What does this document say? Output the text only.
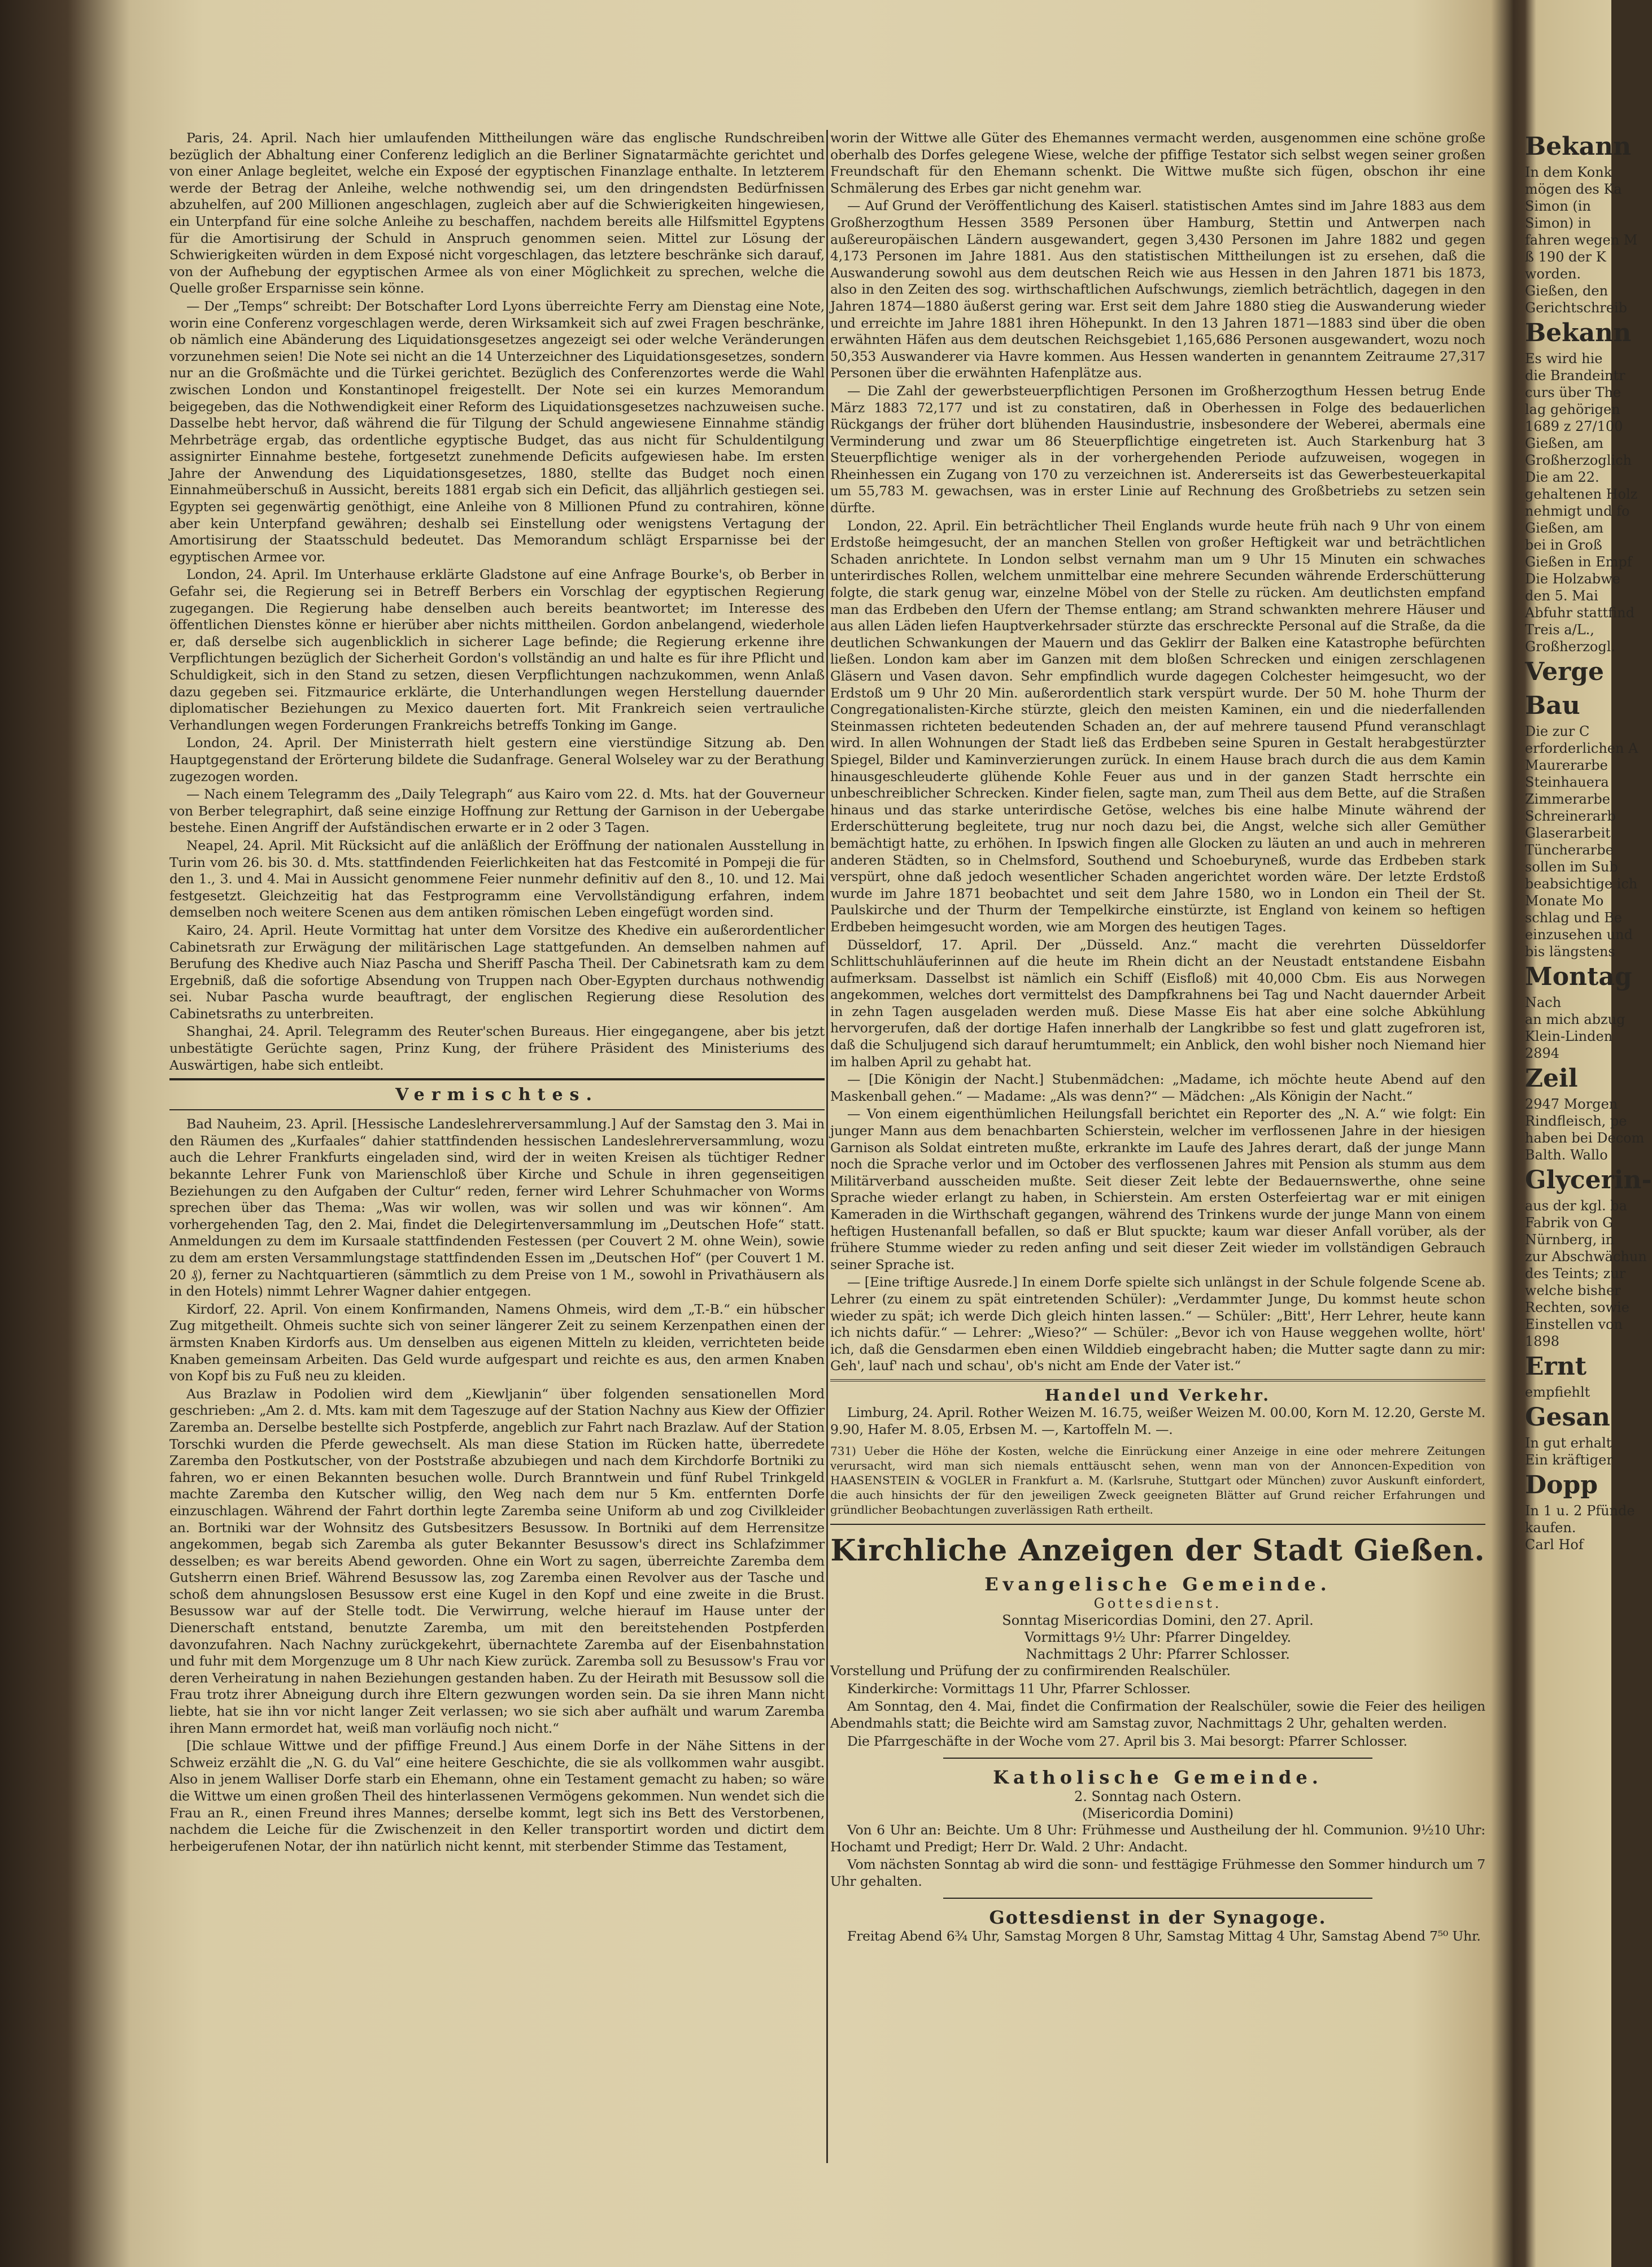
Paris, 24. April. Nach hier umlaufenden Mittheilungen wäre das englische Rundschreiben bezüglich der Abhaltung einer Conferenz lediglich an die Berliner Signatarmächte gerichtet und von einer Anlage begleitet, welche ein Exposé der egyptischen Finanzlage enthalte. In letzterem werde der Betrag der Anleihe, welche nothwendig sei, um den dringendsten Bedürfnissen abzuhelfen, auf 200 Millionen angeschlagen, zugleich aber auf die Schwierigkeiten hingewiesen, ein Unterpfand für eine solche Anleihe zu beschaffen, nachdem bereits alle Hilfsmittel Egyptens für die Amortisirung der Schuld in Anspruch genommen seien. Mittel zur Lösung der Schwierigkeiten würden in dem Exposé nicht vorgeschlagen, das letztere beschränke sich darauf, von der Aufhebung der egyptischen Armee als von einer Möglichkeit zu sprechen, welche die Quelle großer Ersparnisse sein könne.

— Der „Temps“ schreibt: Der Botschafter Lord Lyons überreichte Ferry am Dienstag eine Note, worin eine Conferenz vorgeschlagen werde, deren Wirksamkeit sich auf zwei Fragen beschränke, ob nämlich eine Abänderung des Liquidationsgesetzes angezeigt sei oder welche Veränderungen vorzunehmen seien! Die Note sei nicht an die 14 Unterzeichner des Liquidationsgesetzes, sondern nur an die Großmächte und die Türkei gerichtet. Bezüglich des Conferenzortes werde die Wahl zwischen London und Konstantinopel freigestellt. Der Note sei ein kurzes Memorandum beigegeben, das die Nothwendigkeit einer Reform des Liquidationsgesetzes nachzuweisen suche. Dasselbe hebt hervor, daß während die für Tilgung der Schuld angewiesene Einnahme ständig Mehrbeträge ergab, das ordentliche egyptische Budget, das aus nicht für Schuldentilgung assignirter Einnahme bestehe, fortgesetzt zunehmende Deficits aufgewiesen habe. Im ersten Jahre der Anwendung des Liquidationsgesetzes, 1880, stellte das Budget noch einen Einnahmeüberschuß in Aussicht, bereits 1881 ergab sich ein Deficit, das alljährlich gestiegen sei. Egypten sei gegenwärtig genöthigt, eine Anleihe von 8 Millionen Pfund zu contrahiren, könne aber kein Unterpfand gewähren; deshalb sei Einstellung oder wenigstens Vertagung der Amortisirung der Staatsschuld bedeutet. Das Memorandum schlägt Ersparnisse bei der egyptischen Armee vor.

London, 24. April. Im Unterhause erklärte Gladstone auf eine Anfrage Bourke's, ob Berber in Gefahr sei, die Regierung sei in Betreff Berbers ein Vorschlag der egyptischen Regierung zugegangen. Die Regierung habe denselben auch bereits beantwortet; im Interesse des öffentlichen Dienstes könne er hierüber aber nichts mittheilen. Gordon anbelangend, wiederhole er, daß derselbe sich augenblicklich in sicherer Lage befinde; die Regierung erkenne ihre Verpflichtungen bezüglich der Sicherheit Gordon's vollständig an und halte es für ihre Pflicht und Schuldigkeit, sich in den Stand zu setzen, diesen Verpflichtungen nachzukommen, wenn Anlaß dazu gegeben sei. Fitzmaurice erklärte, die Unterhandlungen wegen Herstellung dauernder diplomatischer Beziehungen zu Mexico dauerten fort. Mit Frankreich seien vertrauliche Verhandlungen wegen Forderungen Frankreichs betreffs Tonking im Gange.

London, 24. April. Der Ministerrath hielt gestern eine vierstündige Sitzung ab. Den Hauptgegenstand der Erörterung bildete die Sudanfrage. General Wolseley war zu der Berathung zugezogen worden.

— Nach einem Telegramm des „Daily Telegraph“ aus Kairo vom 22. d. Mts. hat der Gouverneur von Berber telegraphirt, daß seine einzige Hoffnung zur Rettung der Garnison in der Uebergabe bestehe. Einen Angriff der Aufständischen erwarte er in 2 oder 3 Tagen.

Neapel, 24. April. Mit Rücksicht auf die anläßlich der Eröffnung der nationalen Ausstellung in Turin vom 26. bis 30. d. Mts. stattfindenden Feierlichkeiten hat das Festcomité in Pompeji die für den 1., 3. und 4. Mai in Aussicht genommene Feier nunmehr definitiv auf den 8., 10. und 12. Mai festgesetzt. Gleichzeitig hat das Festprogramm eine Vervollständigung erfahren, indem demselben noch weitere Scenen aus dem antiken römischen Leben eingefügt worden sind.

Kairo, 24. April. Heute Vormittag hat unter dem Vorsitze des Khedive ein außerordentlicher Cabinetsrath zur Erwägung der militärischen Lage stattgefunden. An demselben nahmen auf Berufung des Khedive auch Niaz Pascha und Sheriff Pascha Theil. Der Cabinetsrath kam zu dem Ergebniß, daß die sofortige Absendung von Truppen nach Ober-Egypten durchaus nothwendig sei. Nubar Pascha wurde beauftragt, der englischen Regierung diese Resolution des Cabinetsraths zu unterbreiten.

Shanghai, 24. April. Telegramm des Reuter'schen Bureaus. Hier eingegangene, aber bis jetzt unbestätigte Gerüchte sagen, Prinz Kung, der frühere Präsident des Ministeriums des Auswärtigen, habe sich entleibt.

Vermischtes.

Bad Nauheim, 23. April. [Hessische Landeslehrerversammlung.] Auf der Samstag den 3. Mai in den Räumen des „Kurfaales“ dahier stattfindenden hessischen Landeslehrerversammlung, wozu auch die Lehrer Frankfurts eingeladen sind, wird der in weiten Kreisen als tüchtiger Redner bekannte Lehrer Funk von Marienschloß über Kirche und Schule in ihren gegenseitigen Beziehungen zu den Aufgaben der Cultur“ reden, ferner wird Lehrer Schuhmacher von Worms sprechen über das Thema: „Was wir wollen, was wir sollen und was wir können“. Am vorhergehenden Tag, den 2. Mai, findet die Delegirtenversammlung im „Deutschen Hofe“ statt. Anmeldungen zu dem im Kursaale stattfindenden Festessen (per Couvert 2 M. ohne Wein), sowie zu dem am ersten Versammlungstage stattfindenden Essen im „Deutschen Hof“ (per Couvert 1 M. 20 ₰), ferner zu Nachtquartieren (sämmtlich zu dem Preise von 1 M., sowohl in Privathäusern als in den Hotels) nimmt Lehrer Wagner dahier entgegen.

Kirdorf, 22. April. Von einem Konfirmanden, Namens Ohmeis, wird dem „T.-B.“ ein hübscher Zug mitgetheilt. Ohmeis suchte sich von seiner längerer Zeit zu seinem Kerzenpathen einen der ärmsten Knaben Kirdorfs aus. Um denselben aus eigenen Mitteln zu kleiden, verrichteten beide Knaben gemeinsam Arbeiten. Das Geld wurde aufgespart und reichte es aus, den armen Knaben von Kopf bis zu Fuß neu zu kleiden.

Aus Brazlaw in Podolien wird dem „Kiewljanin“ über folgenden sensationellen Mord geschrieben: „Am 2. d. Mts. kam mit dem Tageszuge auf der Station Nachny aus Kiew der Offizier Zaremba an. Derselbe bestellte sich Postpferde, angeblich zur Fahrt nach Brazlaw. Auf der Station Torschki wurden die Pferde gewechselt. Als man diese Station im Rücken hatte, überredete Zaremba den Postkutscher, von der Poststraße abzubiegen und nach dem Kirchdorfe Bortniki zu fahren, wo er einen Bekannten besuchen wolle. Durch Branntwein und fünf Rubel Trinkgeld machte Zaremba den Kutscher willig, den Weg nach dem nur 5 Km. entfernten Dorfe einzuschlagen. Während der Fahrt dorthin legte Zaremba seine Uniform ab und zog Civilkleider an. Bortniki war der Wohnsitz des Gutsbesitzers Besussow. In Bortniki auf dem Herrensitze angekommen, begab sich Zaremba als guter Bekannter Besussow's direct ins Schlafzimmer desselben; es war bereits Abend geworden. Ohne ein Wort zu sagen, überreichte Zaremba dem Gutsherrn einen Brief. Während Besussow las, zog Zaremba einen Revolver aus der Tasche und schoß dem ahnungslosen Besussow erst eine Kugel in den Kopf und eine zweite in die Brust. Besussow war auf der Stelle todt. Die Verwirrung, welche hierauf im Hause unter der Dienerschaft entstand, benutzte Zaremba, um mit den bereitstehenden Postpferden davonzufahren. Nach Nachny zurückgekehrt, übernachtete Zaremba auf der Eisenbahnstation und fuhr mit dem Morgenzuge um 8 Uhr nach Kiew zurück. Zaremba soll zu Besussow's Frau vor deren Verheiratung in nahen Beziehungen gestanden haben. Zu der Heirath mit Besussow soll die Frau trotz ihrer Abneigung durch ihre Eltern gezwungen worden sein. Da sie ihren Mann nicht liebte, hat sie ihn vor nicht langer Zeit verlassen; wo sie sich aber aufhält und warum Zaremba ihren Mann ermordet hat, weiß man vorläufig noch nicht.“

[Die schlaue Wittwe und der pfiffige Freund.] Aus einem Dorfe in der Nähe Sittens in der Schweiz erzählt die „N. G. du Val“ eine heitere Geschichte, die sie als vollkommen wahr ausgibt. Also in jenem Walliser Dorfe starb ein Ehemann, ohne ein Testament gemacht zu haben; so wäre die Wittwe um einen großen Theil des hinterlassenen Vermögens gekommen. Nun wendet sich die Frau an R., einen Freund ihres Mannes; derselbe kommt, legt sich ins Bett des Verstorbenen, nachdem die Leiche für die Zwischenzeit in den Keller transportirt worden und dictirt dem herbeigerufenen Notar, der ihn natürlich nicht kennt, mit sterbender Stimme das Testament,

worin der Wittwe alle Güter des Ehemannes vermacht werden, ausgenommen eine schöne große oberhalb des Dorfes gelegene Wiese, welche der pfiffige Testator sich selbst wegen seiner großen Freundschaft für den Ehemann schenkt. Die Wittwe mußte sich fügen, obschon ihr eine Schmälerung des Erbes gar nicht genehm war.

— Auf Grund der Veröffentlichung des Kaiserl. statistischen Amtes sind im Jahre 1883 aus dem Großherzogthum Hessen 3589 Personen über Hamburg, Stettin und Antwerpen nach außereuropäischen Ländern ausgewandert, gegen 3,430 Personen im Jahre 1882 und gegen 4,173 Personen im Jahre 1881. Aus den statistischen Mittheilungen ist zu ersehen, daß die Auswanderung sowohl aus dem deutschen Reich wie aus Hessen in den Jahren 1871 bis 1873, also in den Zeiten des sog. wirthschaftlichen Aufschwungs, ziemlich beträchtlich, dagegen in den Jahren 1874—1880 äußerst gering war. Erst seit dem Jahre 1880 stieg die Auswanderung wieder und erreichte im Jahre 1881 ihren Höhepunkt. In den 13 Jahren 1871—1883 sind über die oben erwähnten Häfen aus dem deutschen Reichsgebiet 1,165,686 Personen ausgewandert, wozu noch 50,353 Auswanderer via Havre kommen. Aus Hessen wanderten in genanntem Zeitraume 27,317 Personen über die erwähnten Hafenplätze aus.

— Die Zahl der gewerbsteuerpflichtigen Personen im Großherzogthum Hessen betrug Ende März 1883 72,177 und ist zu constatiren, daß in Oberhessen in Folge des bedauerlichen Rückgangs der früher dort blühenden Hausindustrie, insbesondere der Weberei, abermals eine Verminderung und zwar um 86 Steuerpflichtige eingetreten ist. Auch Starkenburg hat 3 Steuerpflichtige weniger als in der vorhergehenden Periode aufzuweisen, wogegen in Rheinhessen ein Zugang von 170 zu verzeichnen ist. Andererseits ist das Gewerbesteuerkapital um 55,783 M. gewachsen, was in erster Linie auf Rechnung des Großbetriebs zu setzen sein dürfte.

London, 22. April. Ein beträchtlicher Theil Englands wurde heute früh nach 9 Uhr von einem Erdstoße heimgesucht, der an manchen Stellen von großer Heftigkeit war und beträchtlichen Schaden anrichtete. In London selbst vernahm man um 9 Uhr 15 Minuten ein schwaches unterirdisches Rollen, welchem unmittelbar eine mehrere Secunden währende Erderschütterung folgte, die stark genug war, einzelne Möbel von der Stelle zu rücken. Am deutlichsten empfand man das Erdbeben den Ufern der Themse entlang; am Strand schwankten mehrere Häuser und aus allen Läden liefen Hauptverkehrsader stürzte das erschreckte Personal auf die Straße, da die deutlichen Schwankungen der Mauern und das Geklirr der Balken eine Katastrophe befürchten ließen. London kam aber im Ganzen mit dem bloßen Schrecken und einigen zerschlagenen Gläsern und Vasen davon. Sehr empfindlich wurde dagegen Colchester heimgesucht, wo der Erdstoß um 9 Uhr 20 Min. außerordentlich stark verspürt wurde. Der 50 M. hohe Thurm der Congregationalisten-Kirche stürzte, gleich den meisten Kaminen, ein und die niederfallenden Steinmassen richteten bedeutenden Schaden an, der auf mehrere tausend Pfund veranschlagt wird. In allen Wohnungen der Stadt ließ das Erdbeben seine Spuren in Gestalt herabgestürzter Spiegel, Bilder und Kaminverzierungen zurück. In einem Hause brach durch die aus dem Kamin hinausgeschleuderte glühende Kohle Feuer aus und in der ganzen Stadt herrschte ein unbeschreiblicher Schrecken. Kinder fielen, sagte man, zum Theil aus dem Bette, auf die Straßen hinaus und das starke unterirdische Getöse, welches bis eine halbe Minute während der Erderschütterung begleitete, trug nur noch dazu bei, die Angst, welche sich aller Gemüther bemächtigt hatte, zu erhöhen. In Ipswich fingen alle Glocken zu läuten an und auch in mehreren anderen Städten, so in Chelmsford, Southend und Schoeburyneß, wurde das Erdbeben stark verspürt, ohne daß jedoch wesentlicher Schaden angerichtet worden wäre. Der letzte Erdstoß wurde im Jahre 1871 beobachtet und seit dem Jahre 1580, wo in London ein Theil der St. Paulskirche und der Thurm der Tempelkirche einstürzte, ist England von keinem so heftigen Erdbeben heimgesucht worden, wie am Morgen des heutigen Tages.

Düsseldorf, 17. April. Der „Düsseld. Anz.“ macht die verehrten Düsseldorfer Schlittschuhläuferinnen auf die heute im Rhein dicht an der Neustadt entstandene Eisbahn aufmerksam. Dasselbst ist nämlich ein Schiff (Eisfloß) mit 40,000 Cbm. Eis aus Norwegen angekommen, welches dort vermittelst des Dampfkrahnens bei Tag und Nacht dauernder Arbeit in zehn Tagen ausgeladen werden muß. Diese Masse Eis hat aber eine solche Abkühlung hervorgerufen, daß der dortige Hafen innerhalb der Langkribbe so fest und glatt zugefroren ist, daß die Schuljugend sich darauf herumtummelt; ein Anblick, den wohl bisher noch Niemand hier im halben April zu gehabt hat.

— [Die Königin der Nacht.] Stubenmädchen: „Madame, ich möchte heute Abend auf den Maskenball gehen.“ — Madame: „Als was denn?“ — Mädchen: „Als Königin der Nacht.“

— Von einem eigenthümlichen Heilungsfall berichtet ein Reporter des „N. A.“ wie folgt: Ein junger Mann aus dem benachbarten Schierstein, welcher im verflossenen Jahre in der hiesigen Garnison als Soldat eintreten mußte, erkrankte im Laufe des Jahres derart, daß der junge Mann noch die Sprache verlor und im October des verflossenen Jahres mit Pension als stumm aus dem Militärverband ausscheiden mußte. Seit dieser Zeit lebte der Bedauernswerthe, ohne seine Sprache wieder erlangt zu haben, in Schierstein. Am ersten Osterfeiertag war er mit einigen Kameraden in die Wirthschaft gegangen, während des Trinkens wurde der junge Mann von einem heftigen Hustenanfall befallen, so daß er Blut spuckte; kaum war dieser Anfall vorüber, als der frühere Stumme wieder zu reden anfing und seit dieser Zeit wieder im vollständigen Gebrauch seiner Sprache ist.

— [Eine triftige Ausrede.] In einem Dorfe spielte sich unlängst in der Schule folgende Scene ab. Lehrer (zu einem zu spät eintretenden Schüler): „Verdammter Junge, Du kommst heute schon wieder zu spät; ich werde Dich gleich hinten lassen.“ — Schüler: „Bitt', Herr Lehrer, heute kann ich nichts dafür.“ — Lehrer: „Wieso?“ — Schüler: „Bevor ich von Hause weggehen wollte, hört' ich, daß die Gensdarmen eben einen Wilddieb eingebracht haben; die Mutter sagte dann zu mir: Geh', lauf' nach und schau', ob's nicht am Ende der Vater ist.“

Handel und Verkehr.

Limburg, 24. April. Rother Weizen M. 16.75, weißer Weizen M. 00.00, Korn M. 12.20, Gerste M. 9.90, Hafer M. 8.05, Erbsen M. —, Kartoffeln M. —.

731) Ueber die Höhe der Kosten, welche die Einrückung einer Anzeige in eine oder mehrere Zeitungen verursacht, wird man sich niemals enttäuscht sehen, wenn man von der Annoncen-Expedition von HAASENSTEIN & VOGLER in Frankfurt a. M. (Karlsruhe, Stuttgart oder München) zuvor Auskunft einfordert, die auch hinsichts der für den jeweiligen Zweck geeigneten Blätter auf Grund reicher Erfahrungen und gründlicher Beobachtungen zuverlässigen Rath ertheilt.
Kirchliche Anzeigen der Stadt Gießen.
Evangelische Gemeinde.
Gottesdienst.
Sonntag Misericordias Domini, den 27. April.
Vormittags 9½ Uhr: Pfarrer Dingeldey.
Nachmittags 2 Uhr: Pfarrer Schlosser.

Vorstellung und Prüfung der zu confirmirenden Realschüler.

Kinderkirche: Vormittags 11 Uhr, Pfarrer Schlosser.

Am Sonntag, den 4. Mai, findet die Confirmation der Realschüler, sowie die Feier des heiligen Abendmahls statt; die Beichte wird am Samstag zuvor, Nachmittags 2 Uhr, gehalten werden.

Die Pfarrgeschäfte in der Woche vom 27. April bis 3. Mai besorgt: Pfarrer Schlosser.

Katholische Gemeinde.
2. Sonntag nach Ostern.
(Misericordia Domini)

Von 6 Uhr an: Beichte. Um 8 Uhr: Frühmesse und Austheilung der hl. Communion. 9½10 Uhr: Hochamt und Predigt; Herr Dr. Wald. 2 Uhr: Andacht.

Vom nächsten Sonntag ab wird die sonn- und festtägige Frühmesse den Sommer hindurch um 7 Uhr gehalten.

Gottesdienst in der Synagoge.

Freitag Abend 6¾ Uhr, Samstag Morgen 8 Uhr, Samstag Mittag 4 Uhr, Samstag Abend 7⁵⁰ Uhr.

Bekann
In dem Konk
mögen des Ka
Simon (in
Simon) in
fahren wegen M
ß 190 der K
worden.
Gießen, den
Gerichtschreib
Bekann
Es wird hie
die Brandeintr
curs über The
lag gehörigen
1689 z 27/100
Gießen, am
Großherzoglich
Die am 22.
gehaltenen Holz
nehmigt und fo
Gießen, am
bei in Groß
Gießen in Empf
Die Holzabwe
den 5. Mai
Abfuhr stattfind
Treis a/L.,
Großherzogl.
Verge
Bau
Die zur C
erforderlichen A
Maurerarbe
Steinhauera
Zimmerarbe
Schreinerarb
Glaserarbeit
Tüncherarbe
sollen im Sub
beabsichtige ich
Monate Mo
schlag und Be
einzusehen und
bis längstens
Montag
Nach
an mich abzug
Klein-Linden
2894
Zeil
2947 Morgen
Rindfleisch, pe
haben bei Decom
Balth. Wallo
Glycerin-
aus der kgl. ba
Fabrik von G
Nürnberg, in
zur Abschwächun
des Teints; zur
welche bisher
Rechten, sowie
Einstellen von
1898
Ernt
empfiehlt
Gesan
In gut erhalt
Ein kräftiger
Dopp
In 1 u. 2 Pfünde
kaufen.
Carl Hof
